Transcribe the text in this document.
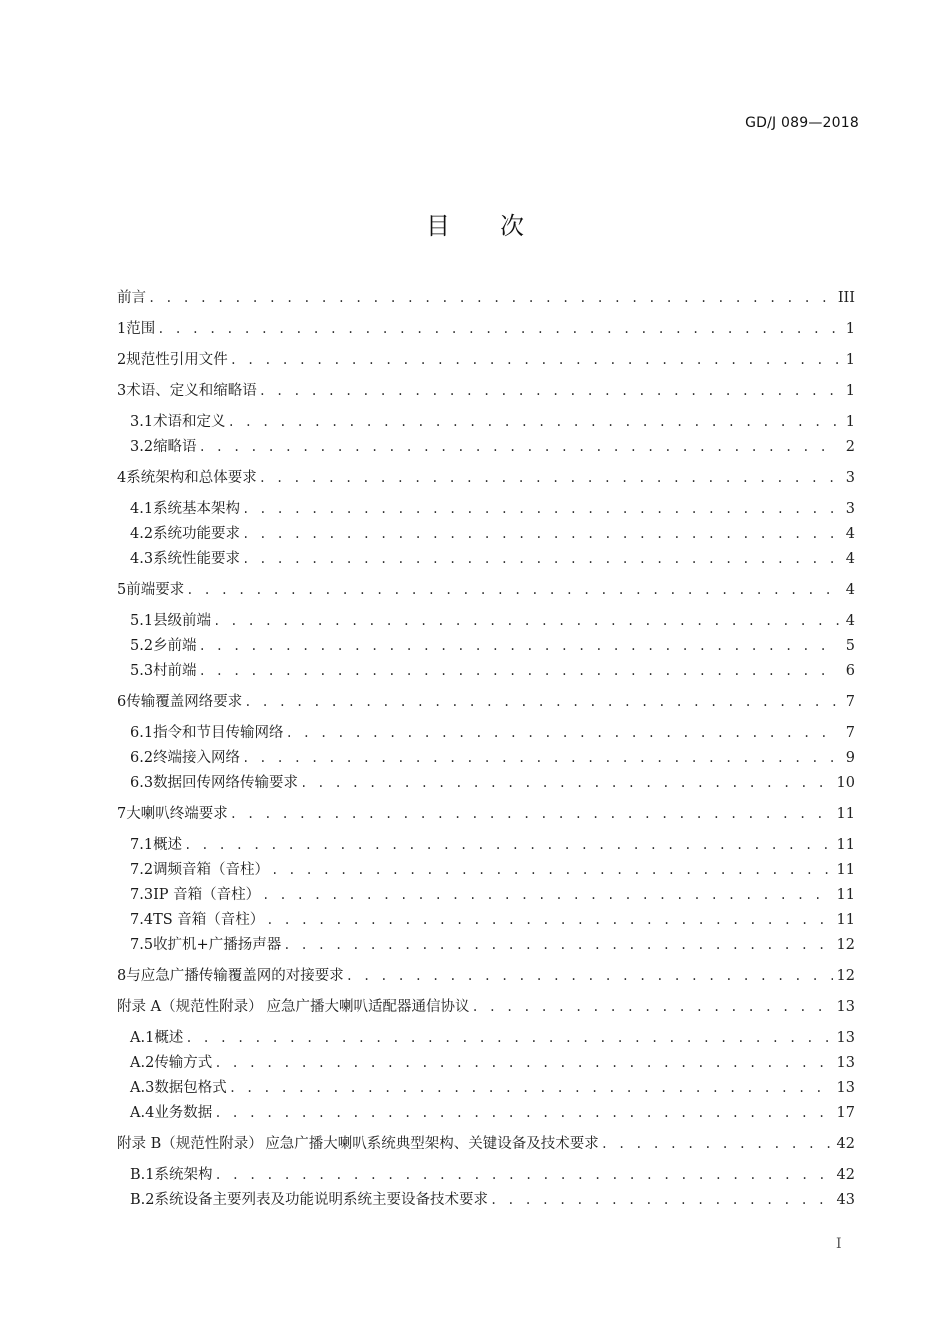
GD/J 089—2018
目 次
前言 . . .	III
1 范围 . . .	1
2 规范性引用文件 . . .	1
3 术语、定义和缩略语 . . .	1
3.1 术语和定义 . . .	1
3.2 缩略语 . . .	2
4 系统架构和总体要求 . . .	3
4.1 系统基本架构 . . .	3
4.2 系统功能要求 . . .	4
4.3 系统性能要求 . . .	4
5 前端要求 . . .	4
5.1 县级前端 . . .	4
5.2 乡前端 . . .	5
5.3 村前端 . . .	6
6 传输覆盖网络要求 . . .	7
6.1 指令和节目传输网络 . . .	7
6.2 终端接入网络 . . .	9
6.3 数据回传网络传输要求 . . .	10
7 大喇叭终端要求 . . .	11
7.1 概述 . . .	11
7.2 调频音箱（音柱） . . .	11
7.3 IP 音箱（音柱） . . .	11
7.4 TS 音箱（音柱） . . .	11
7.5 收扩机+广播扬声器 . . .	12
8 与应急广播传输覆盖网的对接要求 . . .	12
附录 A（规范性附录） 应急广播大喇叭适配器通信协议 . . .	13
A.1 概述 . . .	13
A.2 传输方式 . . .	13
A.3 数据包格式 . . .	13
A.4 业务数据 . . .	17
附录 B（规范性附录） 应急广播大喇叭系统典型架构、关键设备及技术要求 . . .	42
B.1 系统架构 . . .	42
B.2 系统设备主要列表及功能说明系统主要设备技术要求 . . .	43
I
